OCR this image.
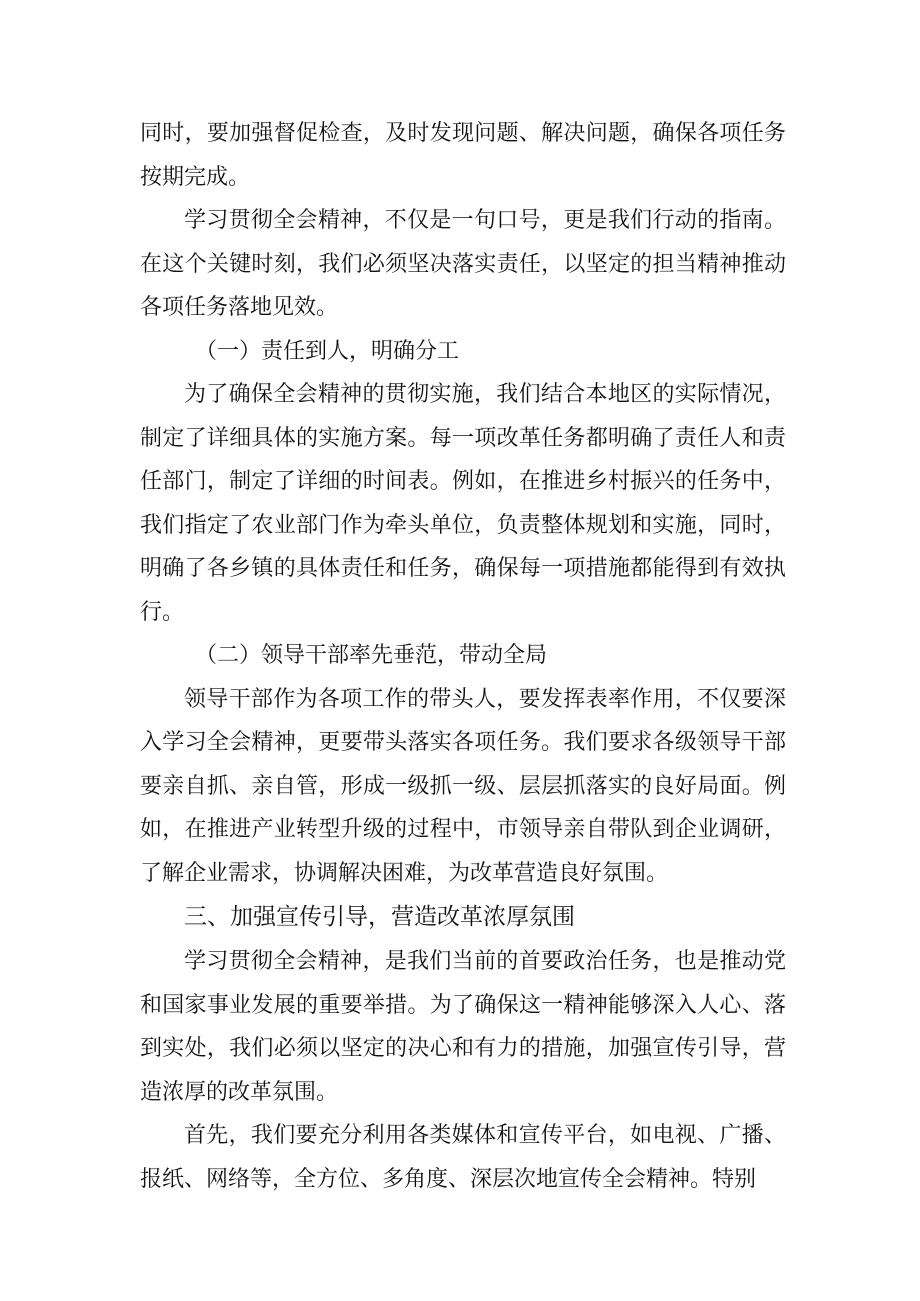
同时，要加强督促检查，及时发现问题、解决问题，确保各项任务按期完成。

学习贯彻全会精神，不仅是一句口号，更是我们行动的指南。在这个关键时刻，我们必须坚决落实责任，以坚定的担当精神推动各项任务落地见效。

（一）责任到人，明确分工

为了确保全会精神的贯彻实施，我们结合本地区的实际情况，制定了详细具体的实施方案。每一项改革任务都明确了责任人和责任部门，制定了详细的时间表。例如，在推进乡村振兴的任务中，我们指定了农业部门作为牵头单位，负责整体规划和实施，同时，明确了各乡镇的具体责任和任务，确保每一项措施都能得到有效执行。

（二）领导干部率先垂范，带动全局

领导干部作为各项工作的带头人，要发挥表率作用，不仅要深入学习全会精神，更要带头落实各项任务。我们要求各级领导干部要亲自抓、亲自管，形成一级抓一级、层层抓落实的良好局面。例如，在推进产业转型升级的过程中，市领导亲自带队到企业调研，了解企业需求，协调解决困难，为改革营造良好氛围。

三、加强宣传引导，营造改革浓厚氛围

学习贯彻全会精神，是我们当前的首要政治任务，也是推动党和国家事业发展的重要举措。为了确保这一精神能够深入人心、落到实处，我们必须以坚定的决心和有力的措施，加强宣传引导，营造浓厚的改革氛围。

首先，我们要充分利用各类媒体和宣传平台，如电视、广播、报纸、网络等，全方位、多角度、深层次地宣传全会精神。特别
